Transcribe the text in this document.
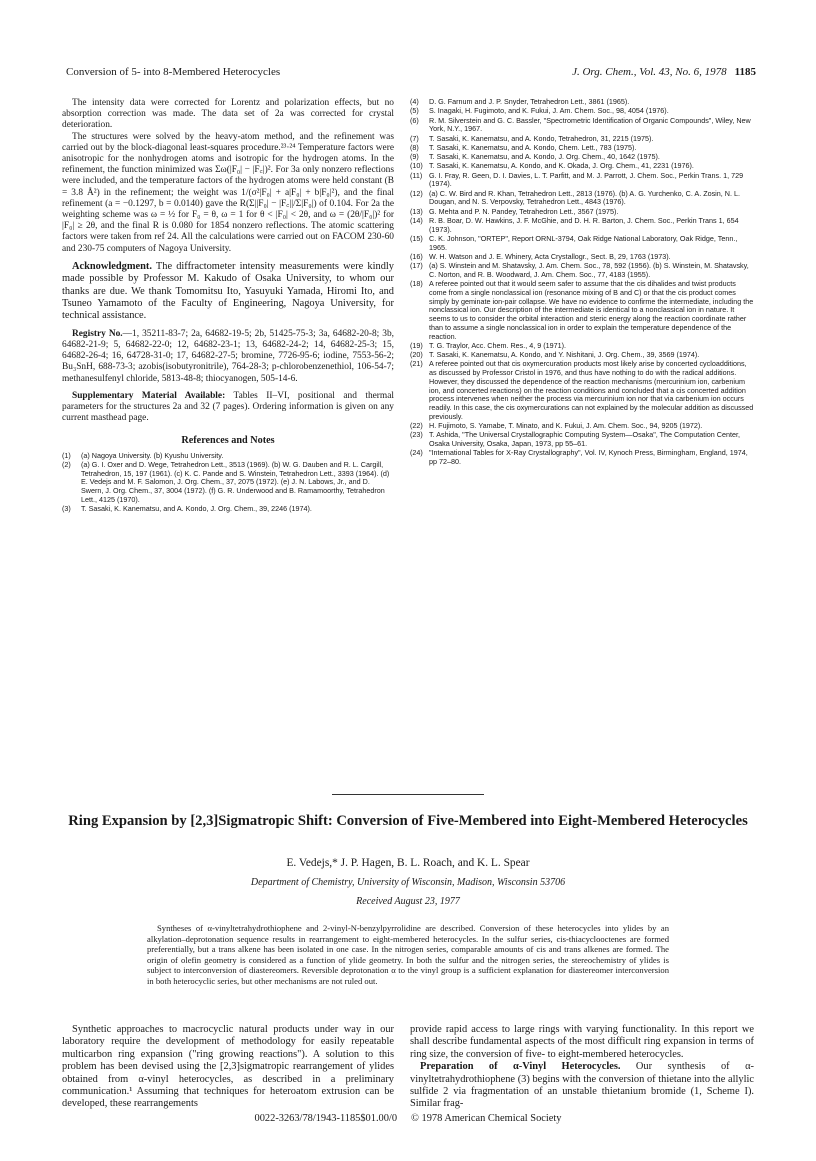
Conversion of 5- into 8-Membered Heterocycles	J. Org. Chem., Vol. 43, No. 6, 1978 1185

The intensity data were corrected for Lorentz and polarization effects, but no absorption correction was made. The data set of 2a was corrected for crystal deterioration.

The structures were solved by the heavy-atom method, and the refinement was carried out by the block-diagonal least-squares procedure.²³·²⁴ Temperature factors were anisotropic for the nonhydrogen atoms and isotropic for the hydrogen atoms. In the refinement, the function minimized was Σω(|F₀| − |F꜀|)². For 3a only nonzero reflections were included, and the temperature factors of the hydrogen atoms were held constant (B = 3.8 Å²) in the refinement; the weight was 1/(σ²|F₀| + a|F₀| + b|F₀|²), and the final refinement (a = −0.1297, b = 0.0140) gave the R(Σ||F₀| − |F꜀||/Σ|F₀|) of 0.104. For 2a the weighting scheme was ω = ½ for F₀ = θ, ω = 1 for θ < |F₀| < 2θ, and ω = (2θ/|F₀|)² for |F₀| ≥ 2θ, and the final R is 0.080 for 1854 nonzero reflections. The atomic scattering factors were taken from ref 24. All the calculations were carried out on FACOM 230-60 and 230-75 computers of Nagoya University.

Acknowledgment. The diffractometer intensity measurements were kindly made possible by Professor M. Kakudo of Osaka University, to whom our thanks are due. We thank Tomomitsu Ito, Yasuyuki Yamada, Hiromi Ito, and Tsuneo Yamamoto of the Faculty of Engineering, Nagoya University, for technical assistance.

Registry No.—1, 35211-83-7; 2a, 64682-19-5; 2b, 51425-75-3; 3a, 64682-20-8; 3b, 64682-21-9; 5, 64682-22-0; 12, 64682-23-1; 13, 64682-24-2; 14, 64682-25-3; 15, 64682-26-4; 16, 64728-31-0; 17, 64682-27-5; bromine, 7726-95-6; iodine, 7553-56-2; Bu₃SnH, 688-73-3; azobis(isobutyronitrile), 764-28-3; p-chlorobenzenethiol, 106-54-7; methanesulfenyl chloride, 5813-48-8; thiocyanogen, 505-14-6.

Supplementary Material Available: Tables II–VI, positional and thermal parameters for the structures 2a and 32 (7 pages). Ordering information is given on any current masthead page.

References and Notes
(1) (a) Nagoya University. (b) Kyushu University.
(2) (a) G. I. Oxer and D. Wege, Tetrahedron Lett., 3513 (1969). (b) W. G. Dauben and R. L. Cargill, Tetrahedron, 15, 197 (1961). (c) K. C. Pande and S. Winstein, Tetrahedron Lett., 3393 (1964). (d) E. Vedejs and M. F. Salomon, J. Org. Chem., 37, 2075 (1972). (e) J. N. Labows, Jr., and D. Swern, J. Org. Chem., 37, 3004 (1972). (f) G. R. Underwood and B. Ramamoorthy, Tetrahedron Lett., 4125 (1970).
(3) T. Sasaki, K. Kanematsu, and A. Kondo, J. Org. Chem., 39, 2246 (1974).
(4) D. G. Farnum and J. P. Snyder, Tetrahedron Lett., 3861 (1965).
(5) S. Inagaki, H. Fugimoto, and K. Fukui, J. Am. Chem. Soc., 98, 4054 (1976).
(6) R. M. Silverstein and G. C. Bassler, "Spectrometric Identification of Organic Compounds", Wiley, New York, N.Y., 1967.
(7) T. Sasaki, K. Kanematsu, and A. Kondo, Tetrahedron, 31, 2215 (1975).
(8) T. Sasaki, K. Kanematsu, and A. Kondo, Chem. Lett., 783 (1975).
(9) T. Sasaki, K. Kanematsu, and A. Kondo, J. Org. Chem., 40, 1642 (1975).
(10) T. Sasaki, K. Kanematsu, A. Kondo, and K. Okada, J. Org. Chem., 41, 2231 (1976).
(11) G. I. Fray, R. Geen, D. I. Davies, L. T. Parfitt, and M. J. Parrott, J. Chem. Soc., Perkin Trans. 1, 729 (1974).
(12) (a) C. W. Bird and R. Khan, Tetrahedron Lett., 2813 (1976). (b) A. G. Yurchenko, C. A. Zosin, N. L. Dougan, and N. S. Verpovsky, Tetrahedron Lett., 4843 (1976).
(13) G. Mehta and P. N. Pandey, Tetrahedron Lett., 3567 (1975).
(14) R. B. Boar, D. W. Hawkins, J. F. McGhie, and D. H. R. Barton, J. Chem. Soc., Perkin Trans 1, 654 (1973).
(15) C. K. Johnson, "ORTEP", Report ORNL-3794, Oak Ridge National Laboratory, Oak Ridge, Tenn., 1965.
(16) W. H. Watson and J. E. Whinery, Acta Crystallogr., Sect. B, 29, 1763 (1973).
(17) (a) S. Winstein and M. Shatavsky, J. Am. Chem. Soc., 78, 592 (1956). (b) S. Winstein, M. Shatavsky, C. Norton, and R. B. Woodward, J. Am. Chem. Soc., 77, 4183 (1955).
(18) A referee pointed out that it would seem safer to assume that the cis dihalides and twist products come from a single nonclassical ion (resonance mixing of B and C) or that the cis product comes simply by geminate ion-pair collapse. We have no evidence to confirme the intermediate, including the nonclassical ion. Our description of the intermediate is identical to a nonclassical ion in nature. It seems to us to consider the orbital interaction and steric energy along the reaction coordinate rather than to assume a single nonclassical ion in order to explain the temperature dependence of the reaction.
(19) T. G. Traylor, Acc. Chem. Res., 4, 9 (1971).
(20) T. Sasaki, K. Kanematsu, A. Kondo, and Y. Nishitani, J. Org. Chem., 39, 3569 (1974).
(21) A referee pointed out that cis oxymercuration products most likely arise by concerted cycloadditions, as discussed by Professor Cristol in 1976, and thus have nothing to do with the radical additions. However, they discussed the dependence of the reaction mechanisms (mercurinium ion, carbenium ion, and concerted reactions) on the reaction conditions and concluded that a cis concerted addition process intervenes when neither the process via mercurinium ion nor that via carbenium ion occurs readily. In this case, the cis oxymercurations can not explained by the molecular addition as discussed previously.
(22) H. Fujimoto, S. Yamabe, T. Minato, and K. Fukui, J. Am. Chem. Soc., 94, 9205 (1972).
(23) T. Ashida, "The Universal Crystallographic Computing System—Osaka", The Computation Center, Osaka University, Osaka, Japan, 1973, pp 55–61.
(24) "International Tables for X-Ray Crystallography", Vol. IV, Kynoch Press, Birmingham, England, 1974, pp 72–80.
Ring Expansion by [2,3]Sigmatropic Shift: Conversion of Five-Membered into Eight-Membered Heterocycles
E. Vedejs,* J. P. Hagen, B. L. Roach, and K. L. Spear
Department of Chemistry, University of Wisconsin, Madison, Wisconsin 53706
Received August 23, 1977

Syntheses of α-vinyltetrahydrothiophene and 2-vinyl-N-benzylpyrrolidine are described. Conversion of these heterocycles into ylides by an alkylation–deprotonation sequence results in rearrangement to eight-membered heterocycles. In the sulfur series, cis-thiacyclooctenes are formed preferentially, but a trans alkene has been isolated in one case. In the nitrogen series, comparable amounts of cis and trans alkenes are formed. The origin of olefin geometry is considered as a function of ylide geometry. In both the sulfur and the nitrogen series, the stereochemistry of ylides is subject to interconversion of diastereomers. Reversible deprotonation α to the vinyl group is a sufficient explanation for diastereomer interconversion in both heterocyclic series, but other mechanisms are not ruled out.

Synthetic approaches to macrocyclic natural products under way in our laboratory require the development of methodology for easily repeatable multicarbon ring expansion ("ring growing reactions"). A solution to this problem has been devised using the [2,3]sigmatropic rearrangement of ylides obtained from α-vinyl heterocycles, as described in a preliminary communication.¹ Assuming that techniques for heteroatom extrusion can be developed, these rearrangements

provide rapid access to large rings with varying functionality. In this report we shall describe fundamental aspects of the most difficult ring expansion in terms of ring size, the conversion of five- to eight-membered heterocycles.

Preparation of α-Vinyl Heterocycles. Our synthesis of α-vinyltetrahydrothiophene (3) begins with the conversion of thietane into the allylic sulfide 2 via fragmentation of an unstable thietanium bromide (1, Scheme I). Similar frag-

0022-3263/78/1943-1185$01.00/0 © 1978 American Chemical Society
